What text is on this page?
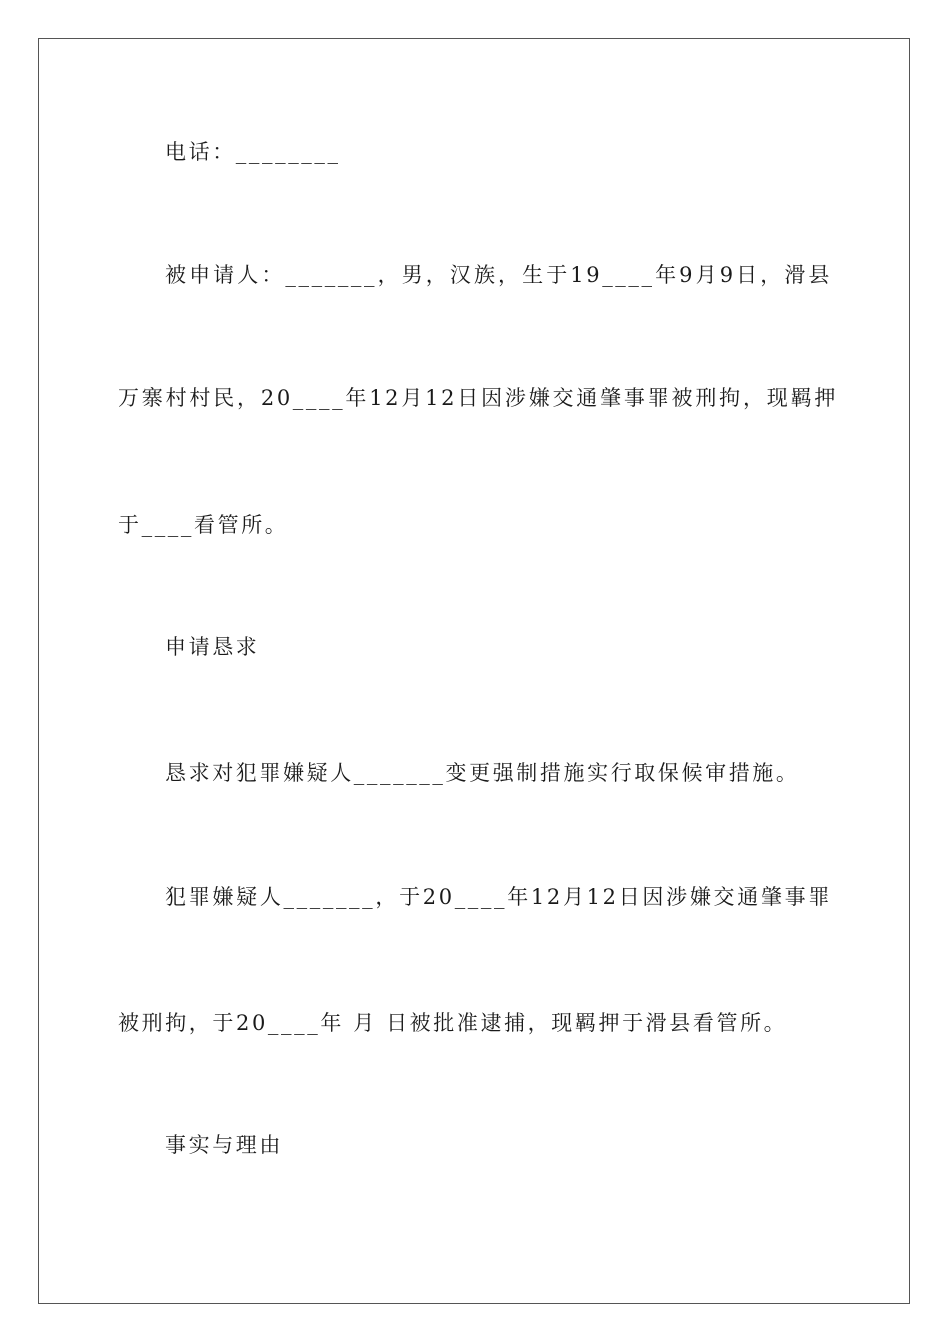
电话：________
被申请人：_______，男，汉族，生于19____年9月9日，滑县
万寨村村民，20____年12月12日因涉嫌交通肇事罪被刑拘，现羁押
于____看管所。
申请恳求
恳求对犯罪嫌疑人_______变更强制措施实行取保候审措施。
犯罪嫌疑人_______，于20____年12月12日因涉嫌交通肇事罪
被刑拘，于20____年 月 日被批准逮捕，现羁押于滑县看管所。
事实与理由
